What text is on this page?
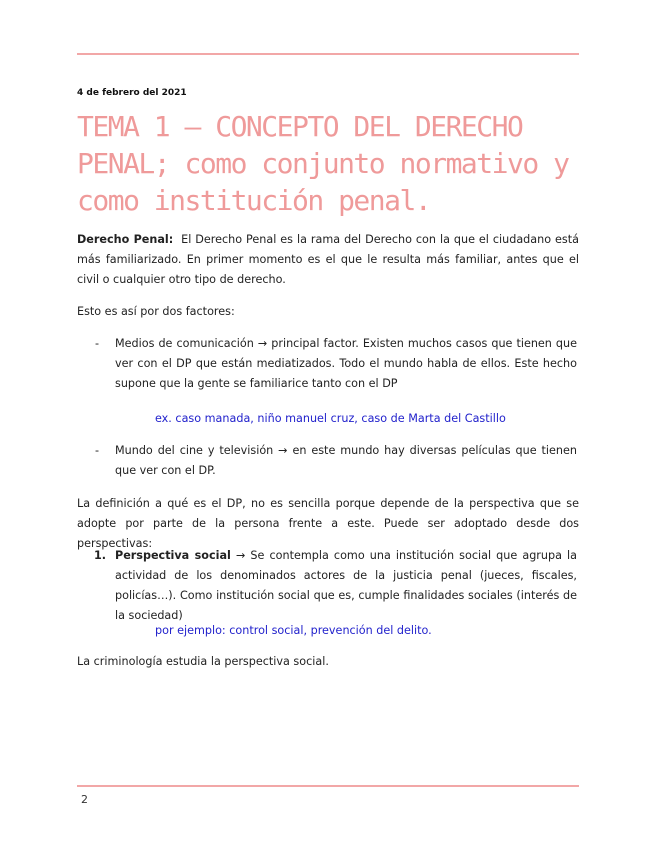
4 de febrero del 2021
TEMA 1 – CONCEPTO DEL DERECHO PENAL; como conjunto normativo y como institución penal.

Derecho Penal: El Derecho Penal es la rama del Derecho con la que el ciudadano está más familiarizado. En primer momento es el que le resulta más familiar, antes que el civil o cualquier otro tipo de derecho.

Esto es así por dos factores:

- Medios de comunicación → principal factor. Existen muchos casos que tienen que ver con el DP que están mediatizados. Todo el mundo habla de ellos. Este hecho supone que la gente se familiarice tanto con el DP

ex. caso manada, niño manuel cruz, caso de Marta del Castillo

- Mundo del cine y televisión → en este mundo hay diversas películas que tienen que ver con el DP.

La definición a qué es el DP, no es sencilla porque depende de la perspectiva que se adopte por parte de la persona frente a este. Puede ser adoptado desde dos perspectivas:

1. Perspectiva social → Se contempla como una institución social que agrupa la actividad de los denominados actores de la justicia penal (jueces, fiscales, policías…). Como institución social que es, cumple finalidades sociales (interés de la sociedad)

por ejemplo: control social, prevención del delito.

La criminología estudia la perspectiva social.

2
